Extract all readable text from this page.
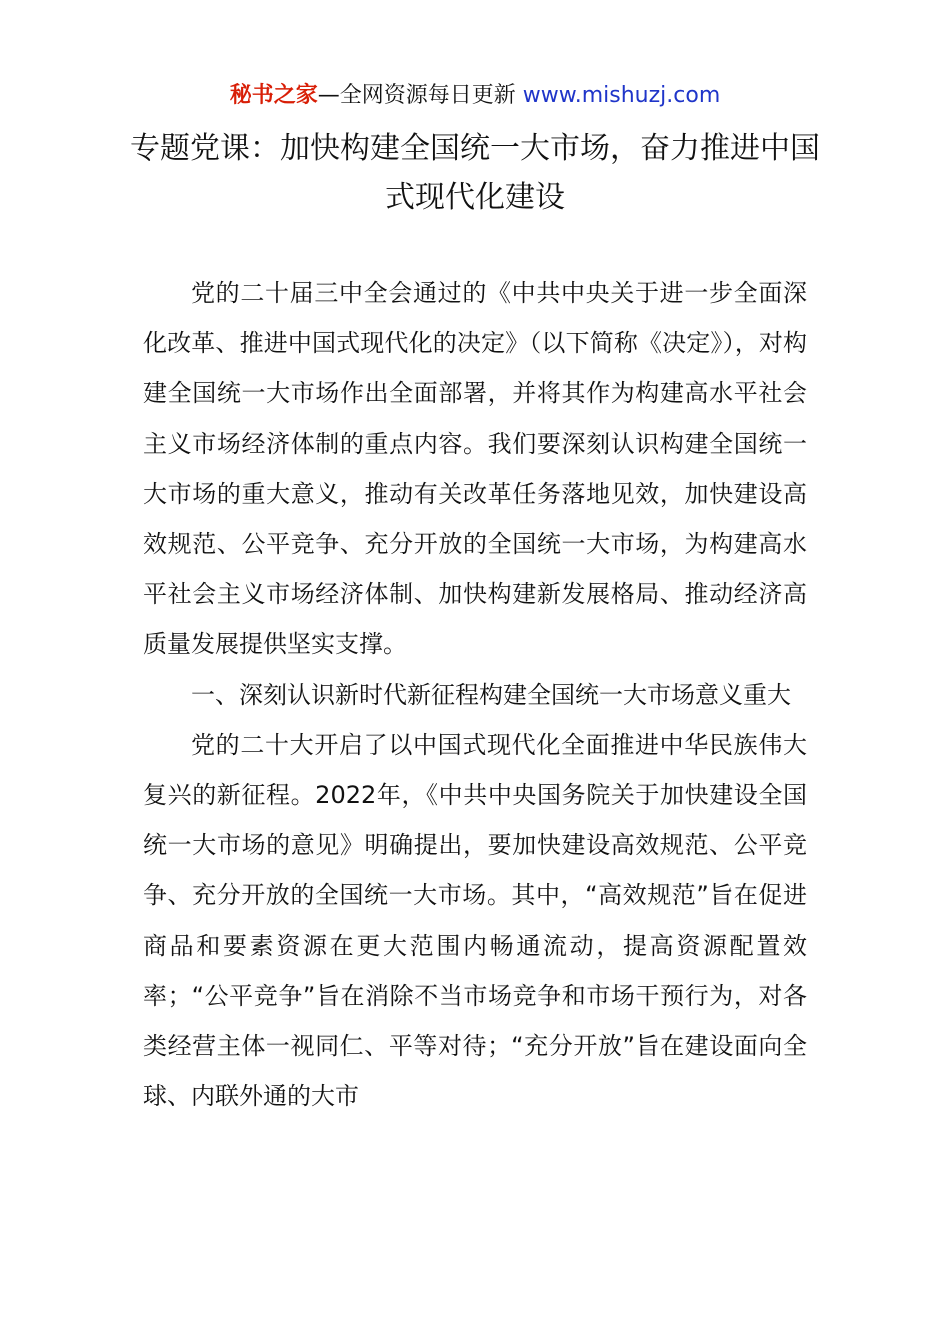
秘书之家—全网资源每日更新 www.mishuzj.com
专题党课：加快构建全国统一大市场，奋力推进中国式现代化建设

党的二十届三中全会通过的《中共中央关于进一步全面深化改革、推进中国式现代化的决定》（以下简称《决定》），对构建全国统一大市场作出全面部署，并将其作为构建高水平社会主义市场经济体制的重点内容。我们要深刻认识构建全国统一大市场的重大意义，推动有关改革任务落地见效，加快建设高效规范、公平竞争、充分开放的全国统一大市场，为构建高水平社会主义市场经济体制、加快构建新发展格局、推动经济高质量发展提供坚实支撑。

一、深刻认识新时代新征程构建全国统一大市场意义重大

党的二十大开启了以中国式现代化全面推进中华民族伟大复兴的新征程。2022年，《中共中央国务院关于加快建设全国统一大市场的意见》明确提出，要加快建设高效规范、公平竞争、充分开放的全国统一大市场。其中，“高效规范”旨在促进商品和要素资源在更大范围内畅通流动，提高资源配置效率；“公平竞争”旨在消除不当市场竞争和市场干预行为，对各类经营主体一视同仁、平等对待；“充分开放”旨在建设面向全球、内联外通的大市
